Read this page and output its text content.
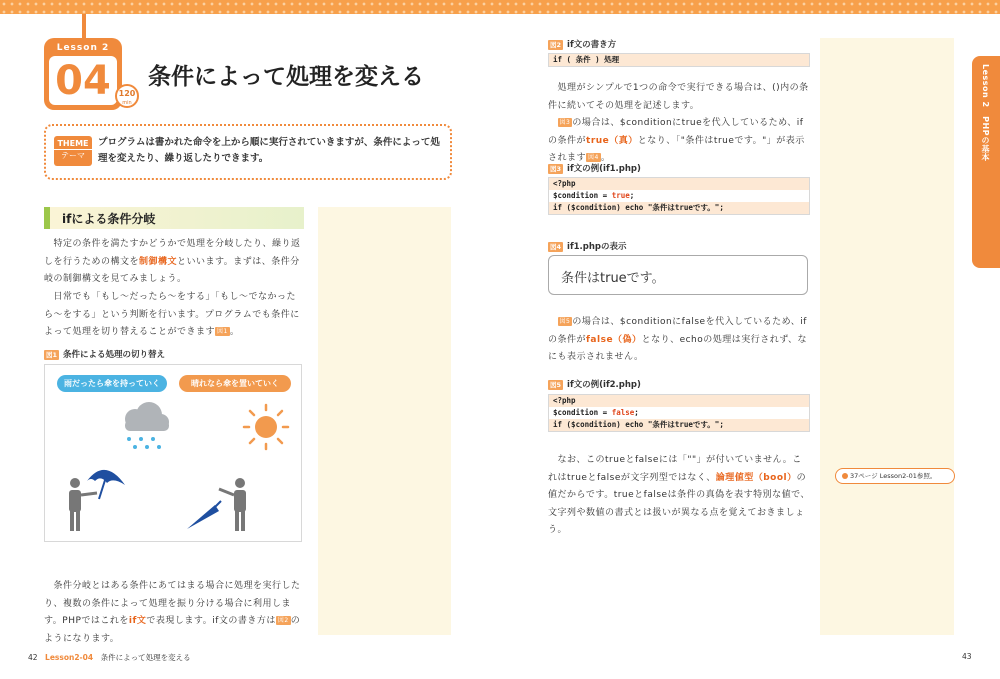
Lesson 2
04 120
min
条件によって処理を変える
THEME
テーマ
プログラムは書かれた命令を上から順に実行されていきますが、条件によって処理を変えたり、繰り返したりできます。
ifによる条件分岐
　特定の条件を満たすかどうかで処理を分岐したり、繰り返しを行うための構文を制御構文といいます。まずは、条件分岐の制御構文を見てみましょう。
　日常でも「もし〜だったら〜をする」「もし〜でなかったら〜をする」という判断を行います。プログラムでも条件によって処理を切り替えることができます 図1 。
図1 条件による処理の切り替え
雨だったら傘を持っていく	晴れなら傘を置いていく
　条件分岐とはある条件にあてはまる場合に処理を実行したり、複数の条件によって処理を振り分ける場合に利用します。PHPではこれをif文で表現します。if文の書き方は 図2 のようになります。
図2 if文の書き方
if ( 条件 ) 処理
　処理がシンプルで1つの命令で実行できる場合は、()内の条件に続いてその処理を記述します。
　図3 の場合は、$conditionにtrueを代入しているため、ifの条件がtrue（真）となり、「"条件はtrueです。"」が表示されます 図4 。
図3 if文の例(if1.php)
<?php
$condition = true;
if ($condition) echo "条件はtrueです。";
図4 if1.phpの表示
条件はtrueです。
　図5 の場合は、$conditionにfalseを代入しているため、ifの条件がfalse（偽）となり、echoの処理は実行されず、なにも表示されません。
図5 if文の例(if2.php)
<?php
$condition = false;
if ($condition) echo "条件はtrueです。";
　なお、このtrueとfalseには「""」が付いていません。これはtrueとfalseが文字列型ではなく、論理値型（bool）の値だからです。trueとfalseは条件の真偽を表す特別な値で、文字列や数値の書式とは扱いが異なる点を覚えておきましょう。
37ページ Lesson2-01参照。
Lesson 2　PHPの基本
42　 Lesson2-04　 条件によって処理を変える	43
